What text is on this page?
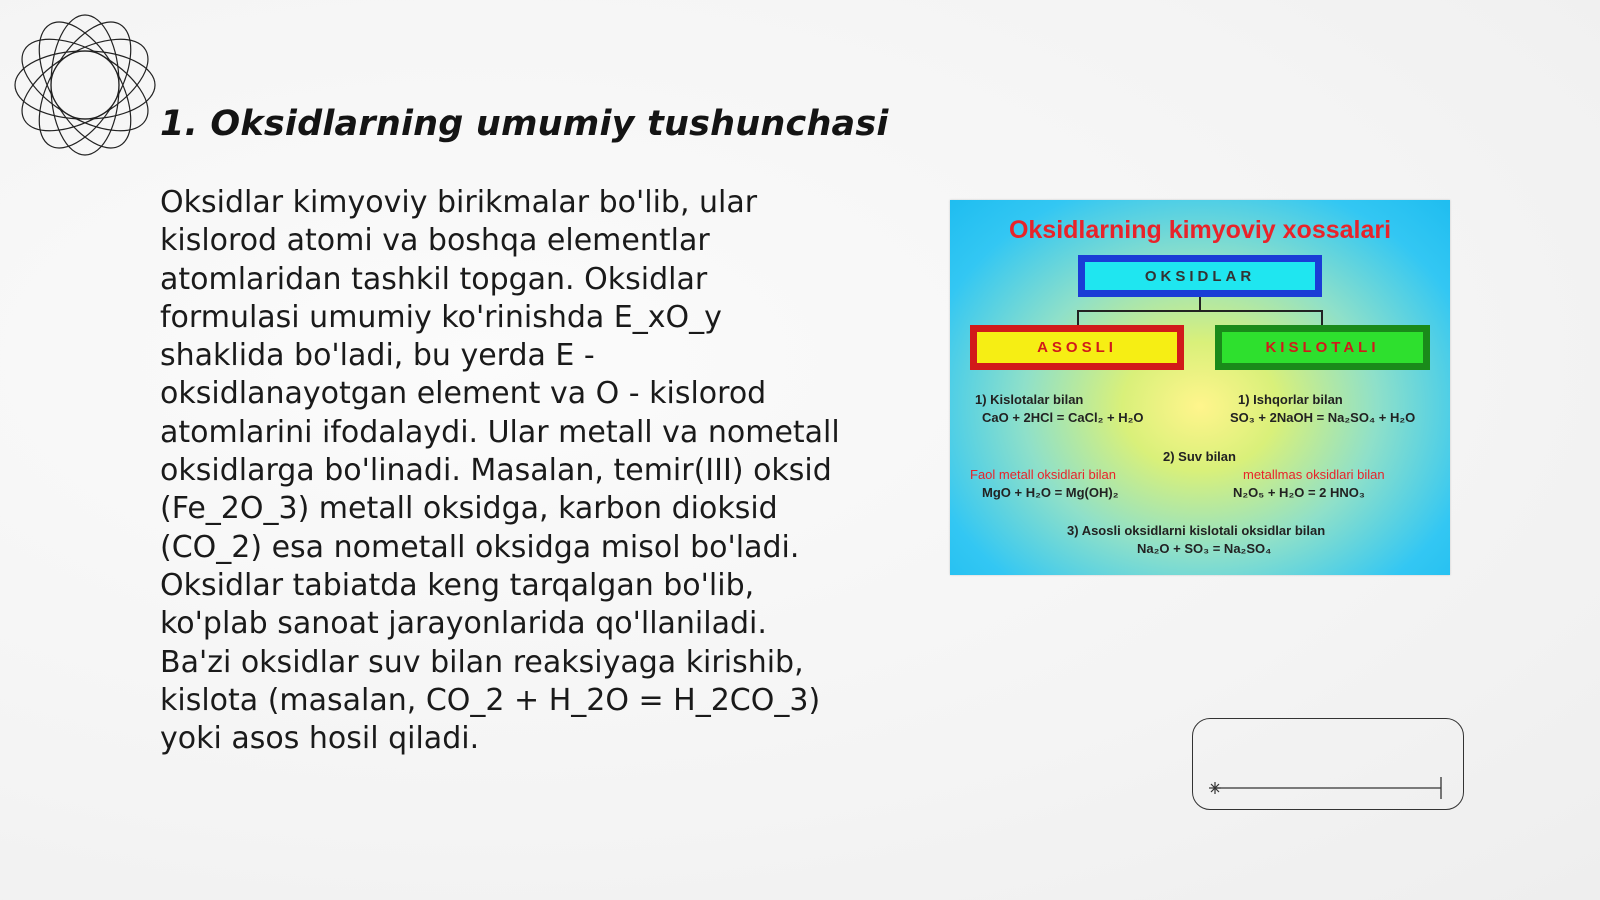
1. Oksidlarning umumiy tushunchasi
Oksidlar kimyoviy birikmalar bo'lib, ular
kislorod atomi va boshqa elementlar
atomlaridan tashkil topgan. Oksidlar
formulasi umumiy ko'rinishda E_xO_y
shaklida bo'ladi, bu yerda E -
oksidlanayotgan element va O - kislorod
atomlarini ifodalaydi. Ular metall va nometall
oksidlarga bo'linadi. Masalan, temir(III) oksid
(Fe_2O_3) metall oksidga, karbon dioksid
(CO_2) esa nometall oksidga misol bo'ladi.
Oksidlar tabiatda keng tarqalgan bo'lib,
ko'plab sanoat jarayonlarida qo'llaniladi.
Ba'zi oksidlar suv bilan reaksiyaga kirishib,
kislota (masalan, CO_2 + H_2O = H_2CO_3)
yoki asos hosil qiladi.
Oksidlarning kimyoviy xossalari
OKSIDLAR
ASOSLI	KISLOTALI
1) Kislotalar bilan
CaO + 2HCl = CaCl₂ + H₂O
1) Ishqorlar bilan
SO₃ + 2NaOH = Na₂SO₄ + H₂O
2) Suv bilan
Faol metall oksidlari bilan	metallmas oksidlari bilan
MgO + H₂O = Mg(OH)₂	N₂O₅ + H₂O = 2 HNO₃
3) Asosli oksidlarni kislotali oksidlar bilan
Na₂O + SO₃ = Na₂SO₄
